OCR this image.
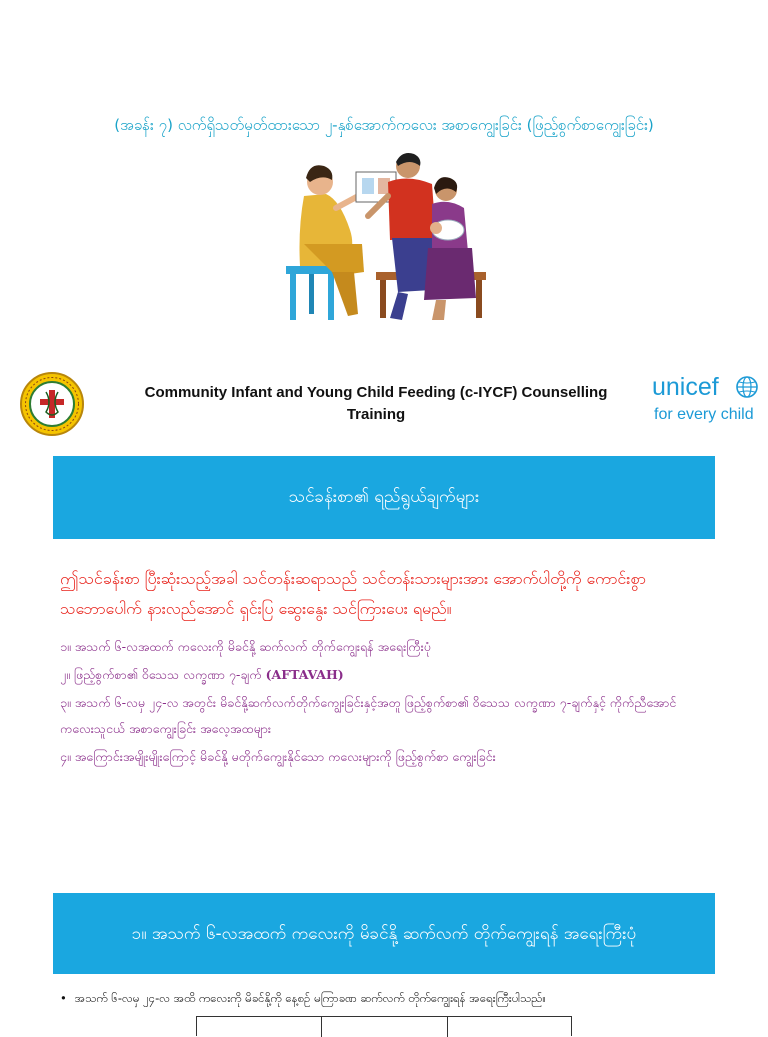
(အခန်း ၇) လက်ရှိသတ်မှတ်ထားသော ၂-နှစ်အောက်ကလေး အစာကျွေးခြင်း (ဖြည့်စွက်စာကျွေးခြင်း)
Community Infant and Young Child Feeding (c-IYCF) Counselling Training
unicef
for every child
သင်ခန်းစာ၏ ရည်ရွယ်ချက်များ
ဤသင်ခန်းစာ ပြီးဆုံးသည့်အခါ သင်တန်းဆရာသည် သင်တန်းသားများအား အောက်ပါတို့ကို ကောင်းစွာ သဘောပေါက် နားလည်အောင် ရှင်းပြ ဆွေးနွေး သင်ကြားပေး ရမည်။
၁။ အသက် ၆-လအထက် ကလေးကို မိခင်နို့ ဆက်လက် တိုက်ကျွေးရန် အရေးကြီးပုံ
၂။ ဖြည့်စွက်စာ၏ ဝိသေသ လက္ခဏာ ၇-ချက် (AFTAVAH)
၃။ အသက် ၆-လမှ ၂၄-လ အတွင်း မိခင်နို့ဆက်လက်တိုက်ကျွေးခြင်းနှင့်အတူ ဖြည့်စွက်စာ၏ ဝိသေသ လက္ခဏာ ၇-ချက်နှင့် ကိုက်ညီအောင် ကလေးသူငယ် အစာကျွေးခြင်း အလေ့အထများ
၄။ အကြောင်းအမျိုးမျိုးကြောင့် မိခင်နို့ မတိုက်ကျွေးနိုင်သော ကလေးများကို ဖြည့်စွက်စာ ကျွေးခြင်း
၁။ အသက် ၆-လအထက် ကလေးကို မိခင်နို့ ဆက်လက် တိုက်ကျွေးရန် အရေးကြီးပုံ
• အသက် ၆-လမှ ၂၄-လ အထိ ကလေးကို မိခင်နို့ကို နေ့စဉ် မကြာခဏ ဆက်လက် တိုက်ကျွေးရန် အရေးကြီးပါသည်။
